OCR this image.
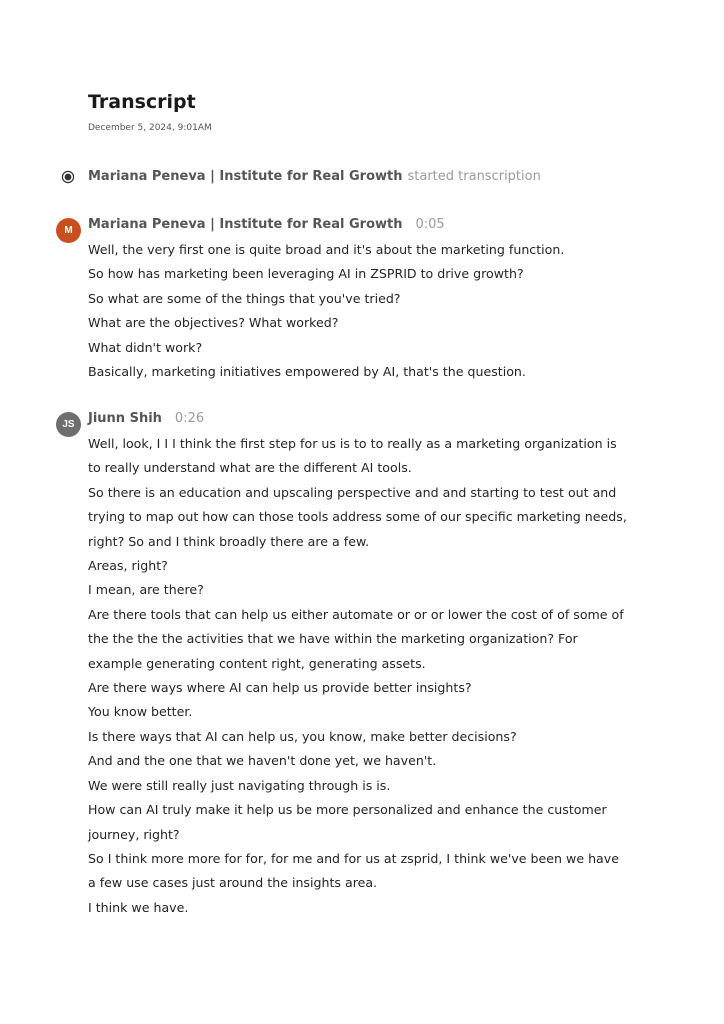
Transcript
December 5, 2024, 9:01AM
Mariana Peneva | Institute for Real Growth started transcription
M	Mariana Peneva | Institute for Real Growth 0:05
Well, the very first one is quite broad and it's about the marketing function.
So how has marketing been leveraging AI in ZSPRID to drive growth?
So what are some of the things that you've tried?
What are the objectives? What worked?
What didn't work?
Basically, marketing initiatives empowered by AI, that's the question.
JS	Jiunn Shih 0:26
Well, look, I I I think the first step for us is to to really as a marketing organization is
to really understand what are the different AI tools.
So there is an education and upscaling perspective and and starting to test out and
trying to map out how can those tools address some of our specific marketing needs,
right? So and I think broadly there are a few.
Areas, right?
I mean, are there?
Are there tools that can help us either automate or or or lower the cost of of some of
the the the the activities that we have within the marketing organization? For
example generating content right, generating assets.
Are there ways where AI can help us provide better insights?
You know better.
Is there ways that AI can help us, you know, make better decisions?
And and the one that we haven't done yet, we haven't.
We were still really just navigating through is is.
How can AI truly make it help us be more personalized and enhance the customer
journey, right?
So I think more more for for, for me and for us at zsprid, I think we've been we have
a few use cases just around the insights area.
I think we have.
